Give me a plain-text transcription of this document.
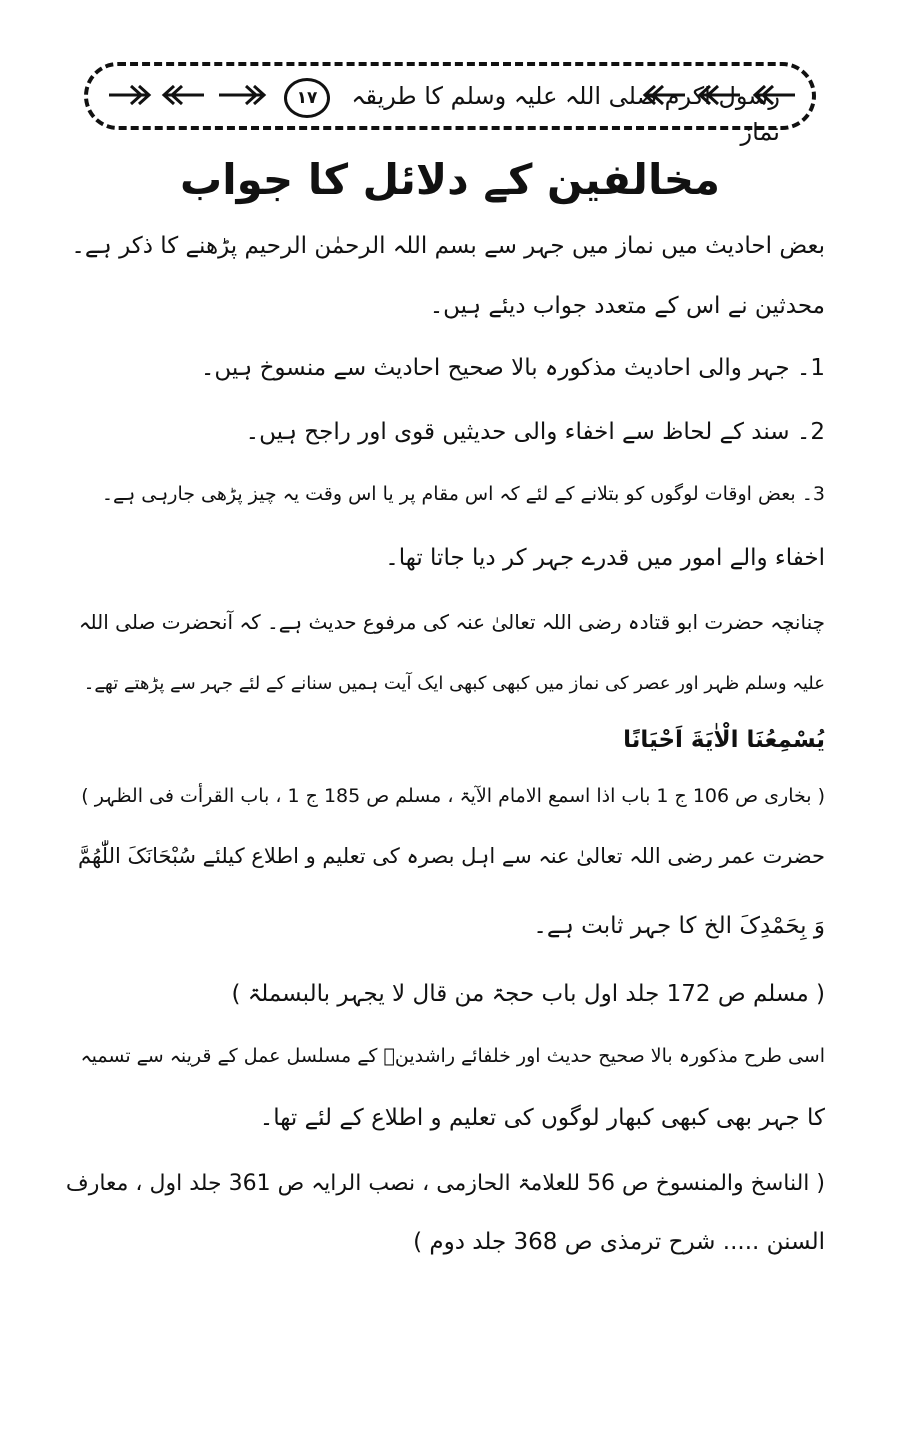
۱۷	رسول اکرم صلی اللہ علیہ وسلم کا طریقہ نماز
مخالفین کے دلائل کا جواب
بعض احادیث میں نماز میں جہر سے بسم اللہ الرحمٰن الرحیم پڑھنے کا ذکر ہے۔
محدثین نے اس کے متعدد جواب دیئے ہیں۔
1۔ جہر والی احادیث مذکورہ بالا صحیح احادیث سے منسوخ ہیں۔
2۔ سند کے لحاظ سے اخفاء والی حدیثیں قوی اور راجح ہیں۔
3۔ بعض اوقات لوگوں کو بتلانے کے لئے کہ اس مقام پر یا اس وقت یہ چیز پڑھی جارہی ہے۔
اخفاء والے امور میں قدرے جہر کر دیا جاتا تھا۔
چنانچہ حضرت ابو قتادہ رضی اللہ تعالیٰ عنہ کی مرفوع حدیث ہے۔ کہ آنحضرت صلی اللہ
علیہ وسلم ظہر اور عصر کی نماز میں کبھی کبھی ایک آیت ہمیں سنانے کے لئے جہر سے پڑھتے تھے۔
یُسْمِعُنَا الْاٰیَةَ اَحْیَانًا
( بخاری ص 106 ج 1 باب اذا اسمع الامام الآیۃ ، مسلم ص 185 ج 1 ، باب القرأت فی الظہر )
حضرت عمر رضی اللہ تعالیٰ عنہ سے اہل بصرہ کی تعلیم و اطلاع کیلئے سُبْحَانَکَ اللّٰھُمَّ
وَ بِحَمْدِکَ الخ کا جہر ثابت ہے۔
( مسلم ص 172 جلد اول باب حجۃ من قال لا یجہر بالبسملۃ )
اسی طرح مذکورہ بالا صحیح حدیث اور خلفائے راشدینؓ کے مسلسل عمل کے قرینہ سے تسمیہ
کا جہر بھی کبھی کبھار لوگوں کی تعلیم و اطلاع کے لئے تھا۔
( الناسخ والمنسوخ ص 56 للعلامۃ الحازمی ، نصب الرایہ ص 361 جلد اول ، معارف
السنن ..... شرح ترمذی ص 368 جلد دوم )
